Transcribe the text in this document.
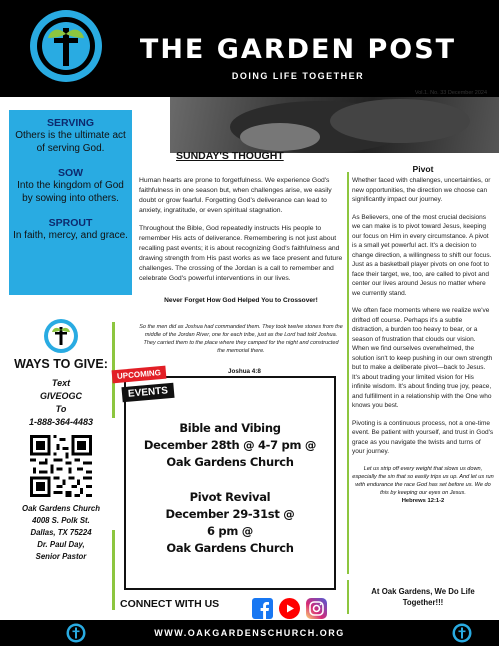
THE GARDEN POST
DOING LIFE TOGETHER
Vol.1. No. 33 December 2024
SERVING

Others is the ultimate act of serving God.

SOW

Into the kingdom of God by sowing into others.

SPROUT

In faith, mercy, and grace.

WAYS TO GIVE:
Text
GIVEOGC
To
1-888-364-4483
Oak Gardens Church
4008 S. Polk St.
Dallas, TX 75224
Dr. Paul Day,
Senior Pastor
SUNDAY'S THOUGHT

Human hearts are prone to forgetfulness. We experience God's faithfulness in one season but, when challenges arise, we easily doubt or grow fearful. Forgetting God's deliverance can lead to anxiety, ingratitude, or even spiritual stagnation.

Throughout the Bible, God repeatedly instructs His people to remember His acts of deliverance. Remembering is not just about recalling past events; it is about recognizing God's faithfulness and drawing strength from His past works as we face present and future challenges. The crossing of the Jordan is a call to remember and celebrate God's powerful interventions in our lives.

Never Forget How God Helped You to Crossover!
So the men did as Joshua had commanded them. They took twelve stones from the middle of the Jordan River, one for each tribe, just as the Lord had told Joshua. They carried them to the place where they camped for the night and constructed the memorial there.
Joshua 4:8
Bible and Vibing
December 28th @ 4-7 pm @
Oak Gardens Church
Pivot Revival
December 29-31st @
6 pm @
Oak Gardens Church
UPCOMING
EVENTS
Pivot

Whether faced with challenges, uncertainties, or new opportunities, the direction we choose can significantly impact our journey.

As Believers, one of the most crucial decisions we can make is to pivot toward Jesus, keeping our focus on Him in every circumstance. A pivot is a small yet powerful act. It's a decision to change direction, a willingness to shift our focus. Just as a basketball player pivots on one foot to face their target, we, too, are called to pivot and center our lives around Jesus no matter where we currently stand.

We often face moments where we realize we've drifted off course. Perhaps it's a subtle distraction, a burden too heavy to bear, or a season of frustration that clouds our vision. When we find ourselves overwhelmed, the solution isn't to keep pushing in our own strength but to make a deliberate pivot—back to Jesus. It's about trading your limited vision for His infinite wisdom. It's about finding true joy, peace, and fulfillment in a relationship with the One who knows you best.

Pivoting is a continuous process, not a one-time event. Be patient with yourself, and trust in God's grace as you navigate the twists and turns of your journey.

Let us strip off every weight that slows us down, especially the sin that so easily trips us up. And let us run with endurance the race God has set before us. We do this by keeping our eyes on Jesus.
Hebrews 12:1-2
At Oak Gardens, We Do Life Together!!!
CONNECT WITH US
WWW.OAKGARDENSCHURCH.ORG
